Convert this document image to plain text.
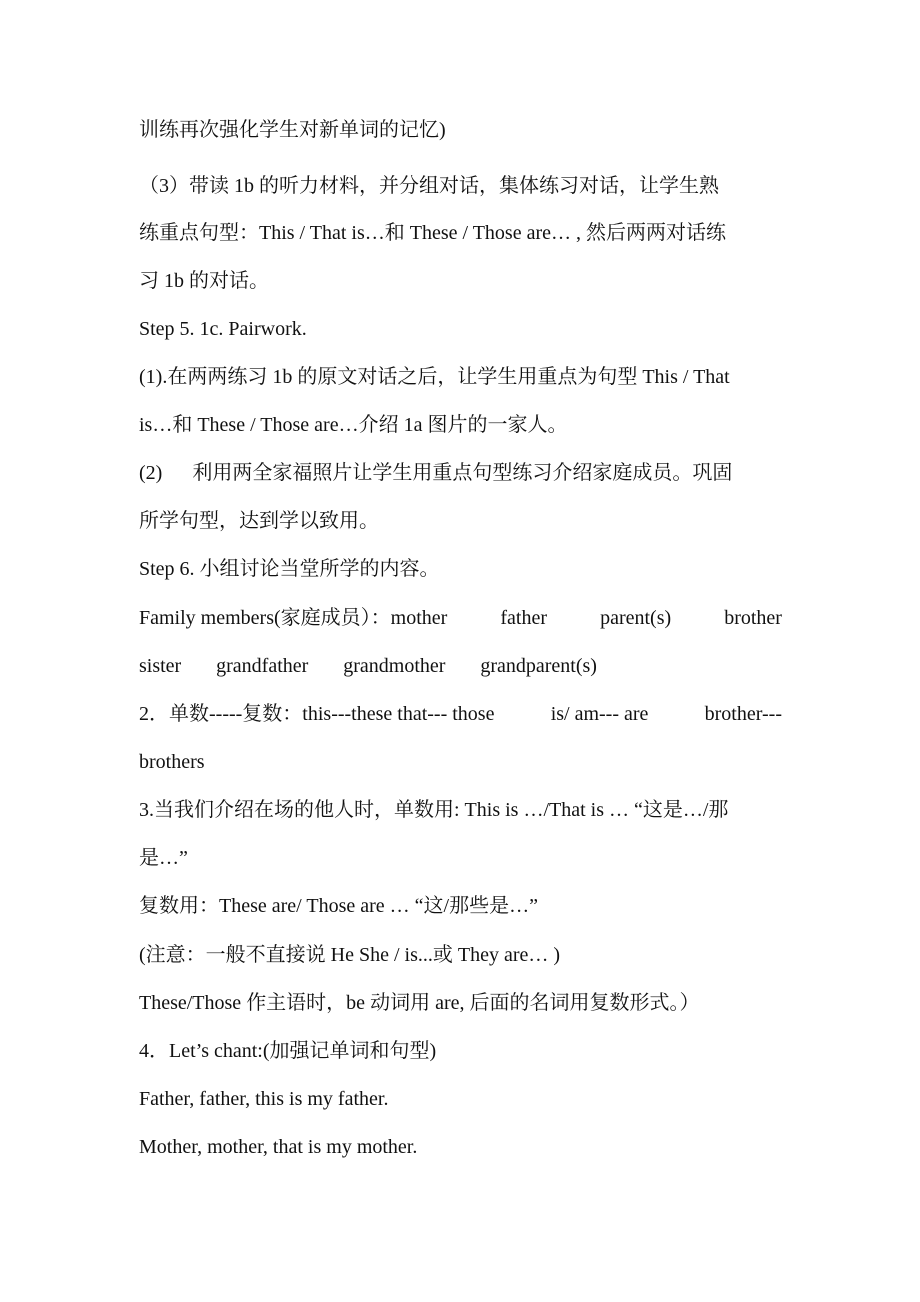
训练再次强化学生对新单词的记忆)
（3）带读 1b 的听力材料，并分组对话，集体练习对话，让学生熟
练重点句型：This / That is…和 These / Those are… , 然后两两对话练
习 1b 的对话。
Step 5. 1c. Pairwork.
(1).在两两练习 1b 的原文对话之后，让学生用重点为句型 This / That
is…和 These / Those are…介绍 1a 图片的一家人。
(2)      利用两全家福照片让学生用重点句型练习介绍家庭成员。巩固
所学句型，达到学以致用。
Step 6. 小组讨论当堂所学的内容。
Family members(家庭成员）：mother	father	parent(s)	brother
sister grandfather grandmother grandparent(s)
2．单数-----复数：this---these that--- those	is/ am--- are	brother---
brothers
3.当我们介绍在场的他人时，单数用: This is …/That is … “这是…/那
是…”
复数用：These are/ Those are … “这/那些是…”
(注意：一般不直接说 He She / is...或 They are… )
These/Those 作主语时，be 动词用 are, 后面的名词用复数形式。）
4．Let’s chant:(加强记单词和句型)
Father, father, this is my father.
Mother, mother, that is my mother.
